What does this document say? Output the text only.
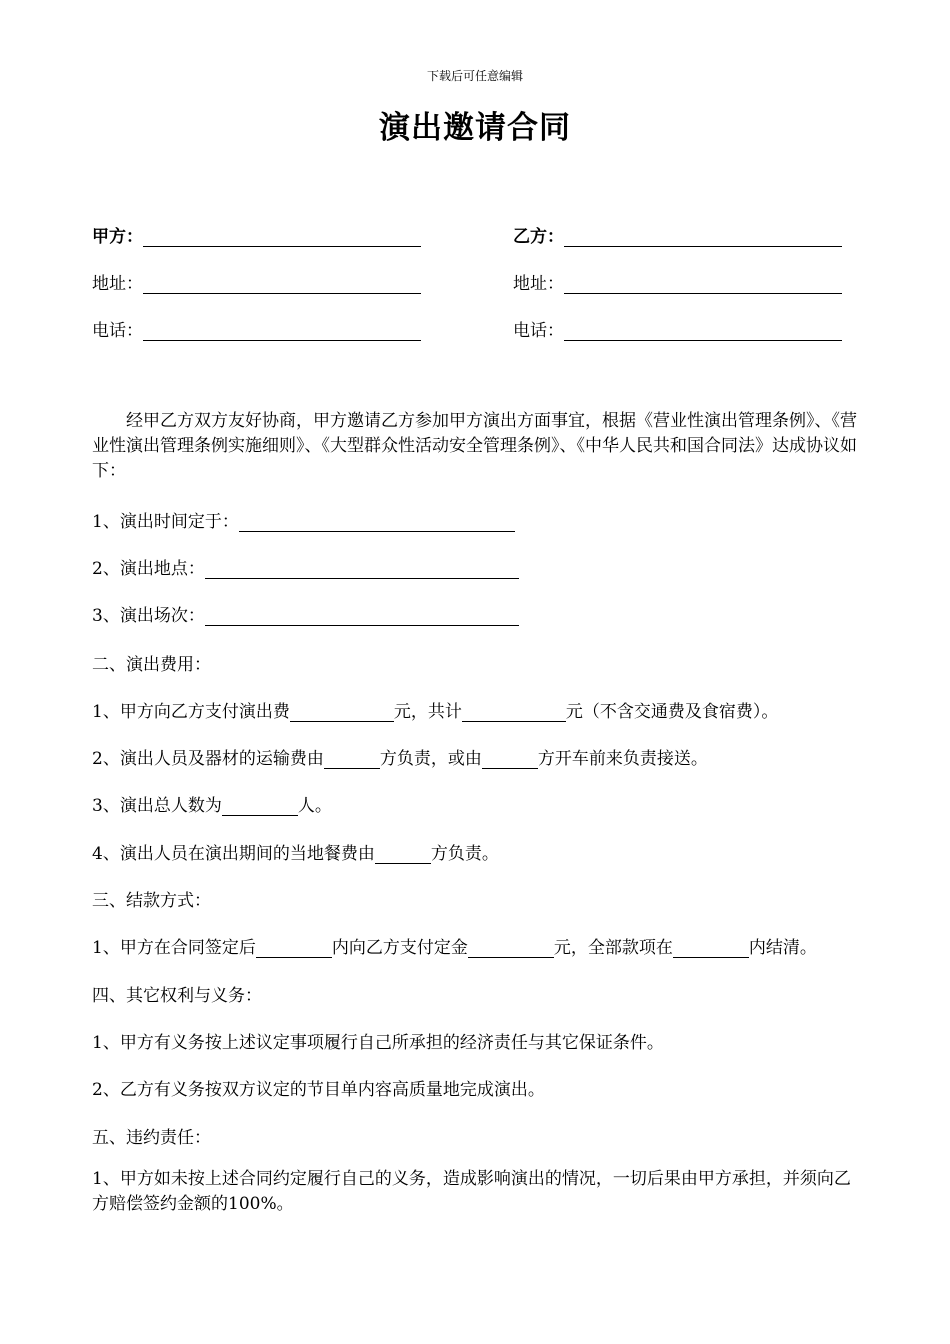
下载后可任意编辑
演出邀请合同
甲方：
地址：
电话：
乙方：
地址：
电话：
经甲乙方双方友好协商，甲方邀请乙方参加甲方演出方面事宜，根据《营业性演出管理条例》、《营业性演出管理条例实施细则》、《大型群众性活动安全管理条例》、《中华人民共和国合同法》达成协议如下：
1、演出时间定于：
2、演出地点：
3、演出场次：
二、演出费用：
1、甲方向乙方支付演出费	元，共计	元（不含交通费及食宿费）。
2、演出人员及器材的运输费由	方负责，或由	方开车前来负责接送。
3、演出总人数为	人。
4、演出人员在演出期间的当地餐费由	方负责。
三、结款方式：
1、甲方在合同签定后	内向乙方支付定金	元，全部款项在	内结清。
四、其它权利与义务：
1、甲方有义务按上述议定事项履行自己所承担的经济责任与其它保证条件。
2、乙方有义务按双方议定的节目单内容高质量地完成演出。
五、违约责任：
1、甲方如未按上述合同约定履行自己的义务，造成影响演出的情况，一切后果由甲方承担，并须向乙方赔偿签约金额的100%。
